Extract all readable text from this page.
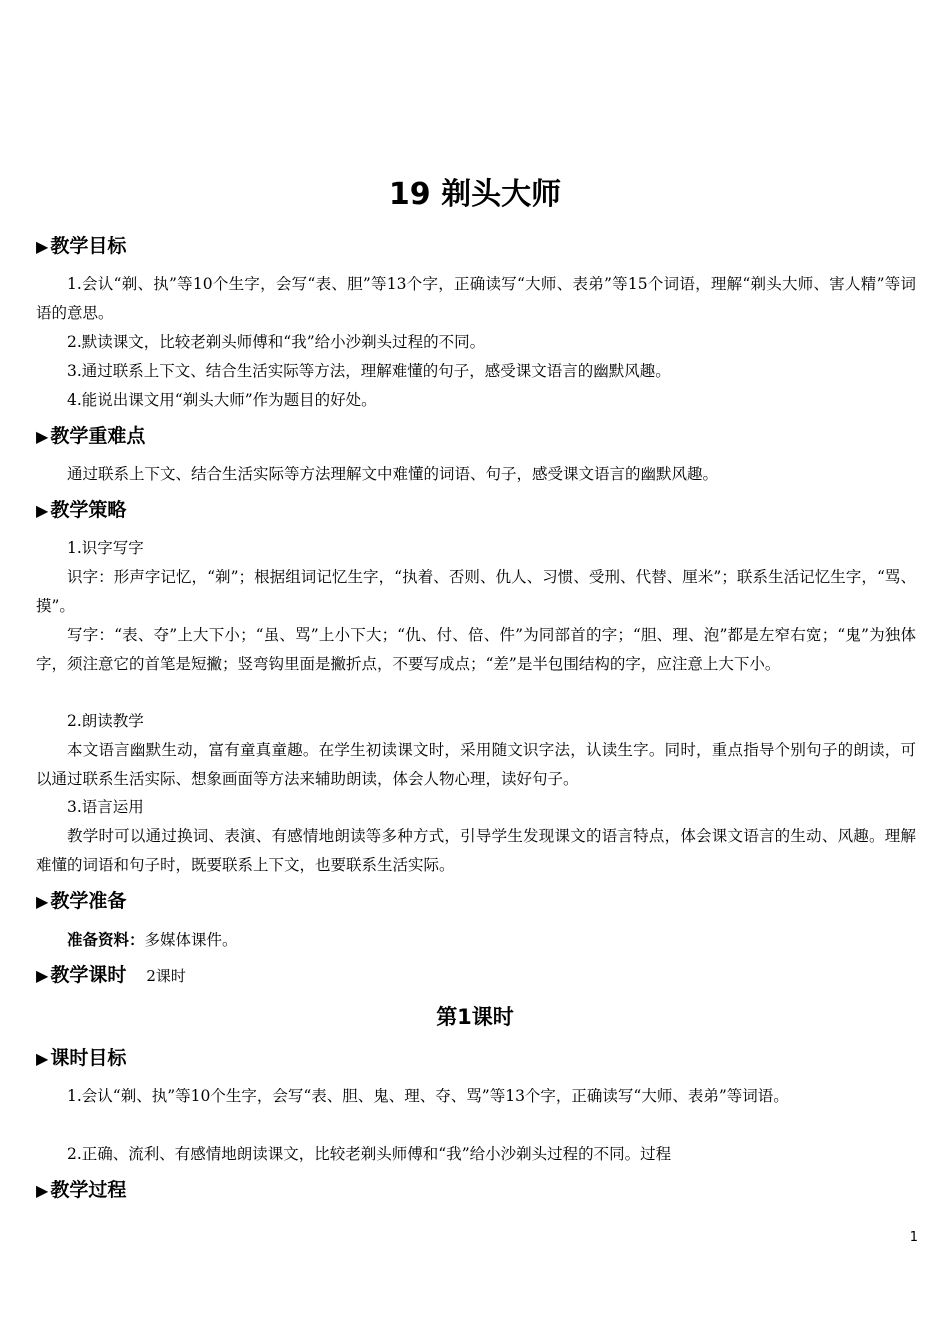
19 剃头大师
▶ 教学目标

1.会认“剃、执”等10个生字，会写“表、胆”等13个字，正确读写“大师、表弟”等15个词语，理解“剃头大师、害人精”等词语的意思。

2.默读课文，比较老剃头师傅和“我”给小沙剃头过程的不同。

3.通过联系上下文、结合生活实际等方法，理解难懂的句子，感受课文语言的幽默风趣。

4.能说出课文用“剃头大师”作为题目的好处。

▶ 教学重难点

通过联系上下文、结合生活实际等方法理解文中难懂的词语、句子，感受课文语言的幽默风趣。

▶ 教学策略

1.识字写字

识字：形声字记忆，“剃”；根据组词记忆生字，“执着、否则、仇人、习惯、受刑、代替、厘米”；联系生活记忆生字，“骂、摸”。

写字：“表、夺”上大下小；“虽、骂”上小下大；“仇、付、倍、件”为同部首的字；“胆、理、泡”都是左窄右宽；“鬼”为独体字，须注意它的首笔是短撇；竖弯钩里面是撇折点，不要写成点；“差”是半包围结构的字，应注意上大下小。

2.朗读教学

本文语言幽默生动，富有童真童趣。在学生初读课文时，采用随文识字法，认读生字。同时，重点指导个别句子的朗读，可以通过联系生活实际、想象画面等方法来辅助朗读，体会人物心理，读好句子。

3.语言运用

教学时可以通过换词、表演、有感情地朗读等多种方式，引导学生发现课文的语言特点，体会课文语言的生动、风趣。理解难懂的词语和句子时，既要联系上下文，也要联系生活实际。

▶ 教学准备

准备资料：多媒体课件。

▶ 教学课时 2课时
第1课时
▶ 课时目标

1.会认“剃、执”等10个生字，会写“表、胆、鬼、理、夺、骂”等13个字，正确读写“大师、表弟”等词语。

2.正确、流利、有感情地朗读课文，比较老剃头师傅和“我”给小沙剃头过程的不同。过程

▶ 教学过程
1
